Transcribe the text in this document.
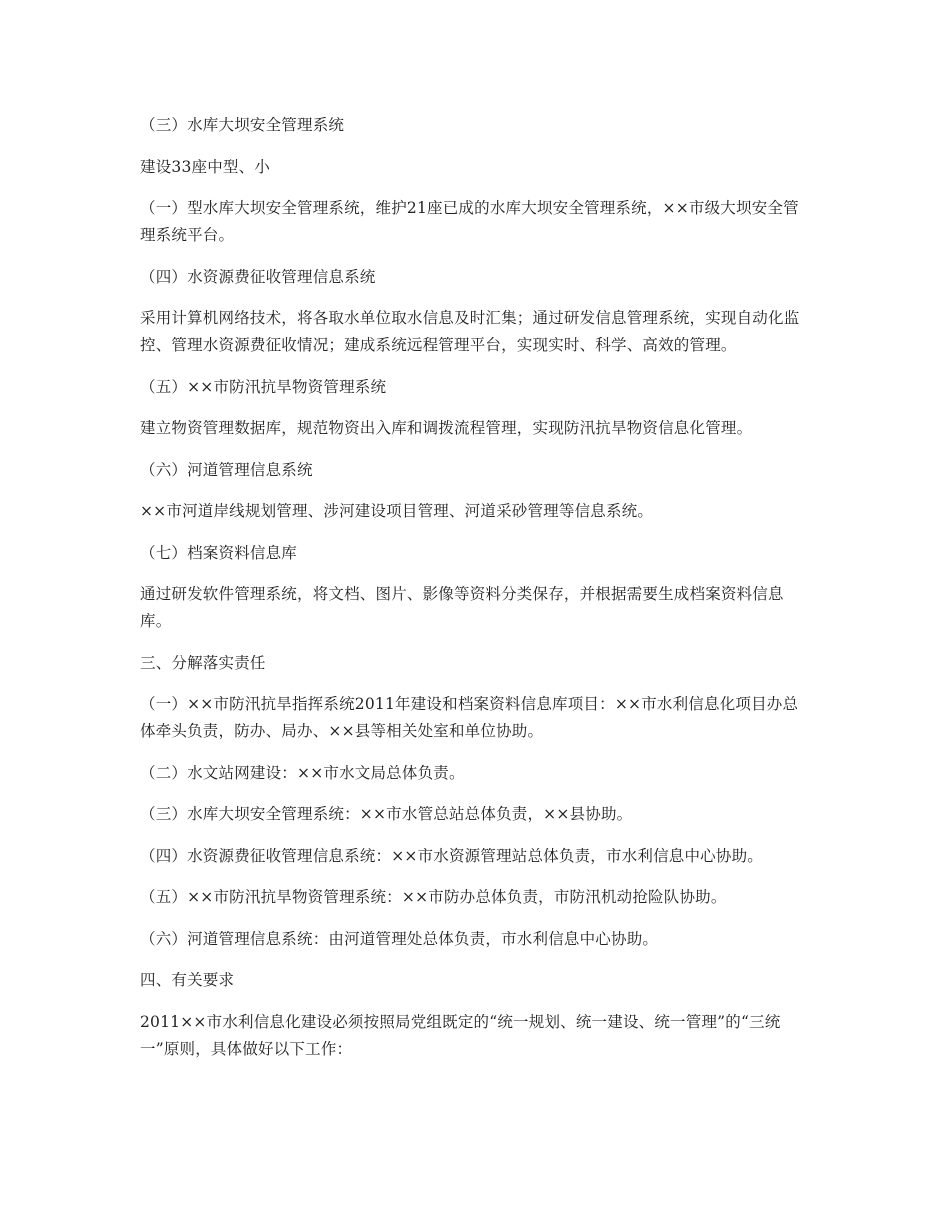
（三）水库大坝安全管理系统

建设33座中型、小

（一）型水库大坝安全管理系统，维护21座已成的水库大坝安全管理系统，××市级大坝安全管理系统平台。

（四）水资源费征收管理信息系统

采用计算机网络技术，将各取水单位取水信息及时汇集；通过研发信息管理系统，实现自动化监控、管理水资源费征收情况；建成系统远程管理平台，实现实时、科学、高效的管理。

（五）××市防汛抗旱物资管理系统

建立物资管理数据库，规范物资出入库和调拨流程管理，实现防汛抗旱物资信息化管理。

（六）河道管理信息系统

××市河道岸线规划管理、涉河建设项目管理、河道采砂管理等信息系统。

（七）档案资料信息库

通过研发软件管理系统，将文档、图片、影像等资料分类保存，并根据需要生成档案资料信息库。

三、分解落实责任

（一）××市防汛抗旱指挥系统2011年建设和档案资料信息库项目：××市水利信息化项目办总体牵头负责，防办、局办、××县等相关处室和单位协助。

（二）水文站网建设：××市水文局总体负责。

（三）水库大坝安全管理系统：××市水管总站总体负责，××县协助。

（四）水资源费征收管理信息系统：××市水资源管理站总体负责，市水利信息中心协助。

（五）××市防汛抗旱物资管理系统：××市防办总体负责，市防汛机动抢险队协助。

（六）河道管理信息系统：由河道管理处总体负责，市水利信息中心协助。

四、有关要求

2011××市水利信息化建设必须按照局党组既定的“统一规划、统一建设、统一管理”的“三统一”原则，具体做好以下工作：
